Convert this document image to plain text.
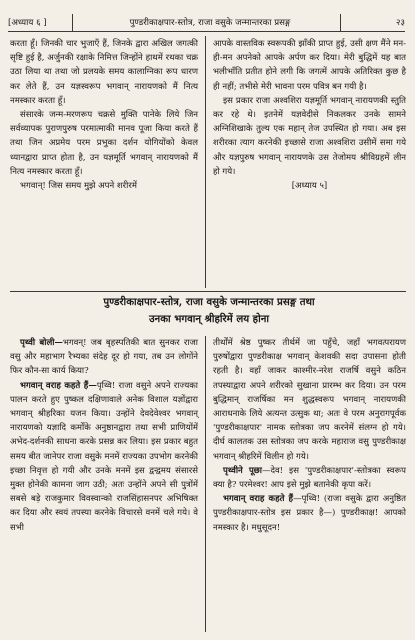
[अध्याय ६ ]	पुण्डरीकाक्षपार-स्तोत्र, राजा वसुके जन्मान्तरका प्रसङ्ग	२३

करता हूँ। जिनकी चार भुजाएँ हैं, जिनके द्वारा अखिल जगत्की सृष्टि हुई है, अर्जुनकी रक्षाके निमित्त जिन्होंने हाथमें रथका चक्र उठा लिया था तथा जो प्रलयके समय कालाग्निका रूप धारण कर लेते हैं, उन यज्ञस्वरूप भगवान् नारायणको मैं नित्य नमस्कार करता हूँ।

संसारके जन्म-मरणरूप चक्रसे मुक्ति पानेके लिये जिन सर्वव्यापक पुराणपुरुष परमात्माकी मानव पूजा किया करते हैं तथा जिन अप्रमेय परम प्रभुका दर्शन योगियोंको केवल ध्यानद्वारा प्राप्त होता है, उन यज्ञमूर्ति भगवान् नारायणको मैं नित्य नमस्कार करता हूँ।

भगवान्! जिस समय मुझे अपने शरीरमें

आपके वास्तविक स्वरूपकी झाँकी प्राप्त हुई, उसी क्षण मैंने मन-ही-मन अपनेको आपके अर्पण कर दिया। मेरी बुद्धिमें यह बात भलीभाँति प्रतीत होने लगी कि जगत्में आपके अतिरिक्त कुछ है ही नहीं; तभीसे मेरी भावना परम पवित्र बन गयी है।

इस प्रकार राजा अश्वशिरा यज्ञमूर्ति भगवान् नारायणकी स्तुति कर रहे थे। इतनेमें यज्ञवेदीसे निकलकर उनके सामने अग्निशिखाके तुल्य एक महान् तेज उपस्थित हो गया। अब इस शरीरका त्याग करनेकी इच्छासे राजा अश्वशिरा उसीमें समा गये और यज्ञपुरुष भगवान् नारायणके उस तेजोमय श्रीविग्रहमें लीन हो गये।

[अध्याय ५]

पुण्डरीकाक्षपार-स्तोत्र, राजा वसुके जन्मान्तरका प्रसङ्ग तथा
उनका भगवान् श्रीहरिमें लय होना

पृथ्वी बोली—भगवन्! जब बृहस्पतिकी बात सुनकर राजा वसु और महाभाग रैभ्यका संदेह दूर हो गया, तब उन लोगोंने फिर कौन-सा कार्य किया?

भगवान् वराह कहते हैं—पृथ्वि! राजा वसुने अपने राज्यका पालन करते हुए पुष्कल दक्षिणावाले अनेक विशाल यज्ञोंद्वारा भगवान् श्रीहरिका यजन किया। उन्होंने देवदेवेश्वर भगवान् नारायणको यज्ञादि कर्मोंके अनुष्ठानद्वारा तथा सभी प्राणियोंमें अभेद-दर्शनकी साधना करके प्रसन्न कर लिया। इस प्रकार बहुत समय बीत जानेपर राजा वसुके मनमें राज्यका उपभोग करनेकी इच्छा निवृत्त हो गयी और उनके मनमें इस द्वन्द्वमय संसारसे मुक्त होनेकी कामना जाग उठी; अतः उन्होंने अपने सी पुत्रोंमें सबसे बड़े राजकुमार विवस्वान्को राजसिंहासनपर अभिषिक्त कर दिया और स्वयं तपस्या करनेके विचारसे वनमें चले गये। वे सभी

तीर्थोंमें श्रेष्ठ पुष्कर तीर्थमें जा पहुँचे, जहाँ भगवत्परायण पुरुषोंद्वारा पुण्डरीकाक्ष भगवान् केशवकी सदा उपासना होती रहती है। वहाँ जाकर काश्मीर-नरेश राजर्षि वसुने कठिन तपस्याद्वारा अपने शरीरको सुखाना प्रारम्भ कर दिया। उन परम बुद्धिमान् राजर्षिका मन शुद्धस्वरूप भगवान् नारायणकी आराधनाके लिये अत्यन्त उत्सुक था; अतः वे परम अनुरागपूर्वक 'पुण्डरीकाक्षपार' नामक स्तोत्रका जप करनेमें संलग्न हो गये। दीर्घ कालतक उस स्तोत्रका जप करके महाराज वसु पुण्डरीकाक्ष भगवान् श्रीहरिमें विलीन हो गये।

पृथ्वीने पूछा—देव! इस 'पुण्डरीकाक्षपार'-स्तोत्रका स्वरूप क्या है? परमेश्वर! आप इसे मुझे बतानेकी कृपा करें।

भगवान् वराह कहते हैं—पृथ्वि! (राजा वसुके द्वारा अनुष्ठित पुण्डरीकाक्षपार-स्तोत्र इस प्रकार है—) पुण्डरीकाक्ष! आपको नमस्कार है। मधुसूदन!
